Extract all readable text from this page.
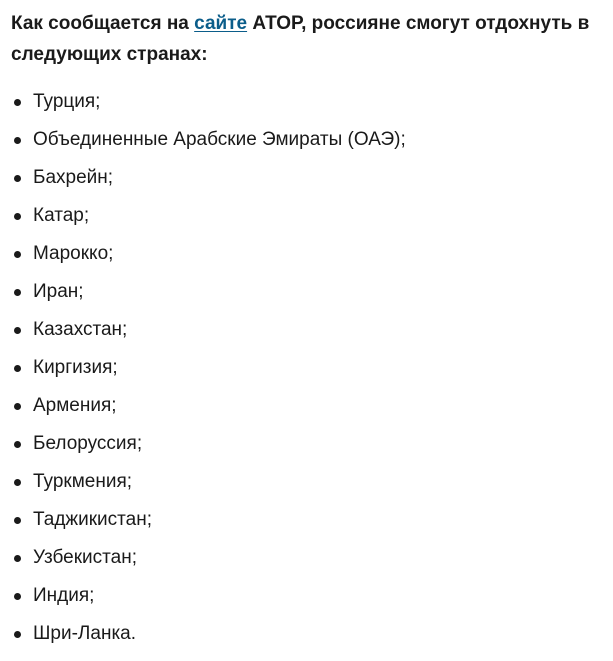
Как сообщается на сайте АТОР, россияне смогут отдохнуть в следующих странах:

Турция;
Объединенные Арабские Эмираты (ОАЭ);
Бахрейн;
Катар;
Марокко;
Иран;
Казахстан;
Киргизия;
Армения;
Белоруссия;
Туркмения;
Таджикистан;
Узбекистан;
Индия;
Шри-Ланка.
